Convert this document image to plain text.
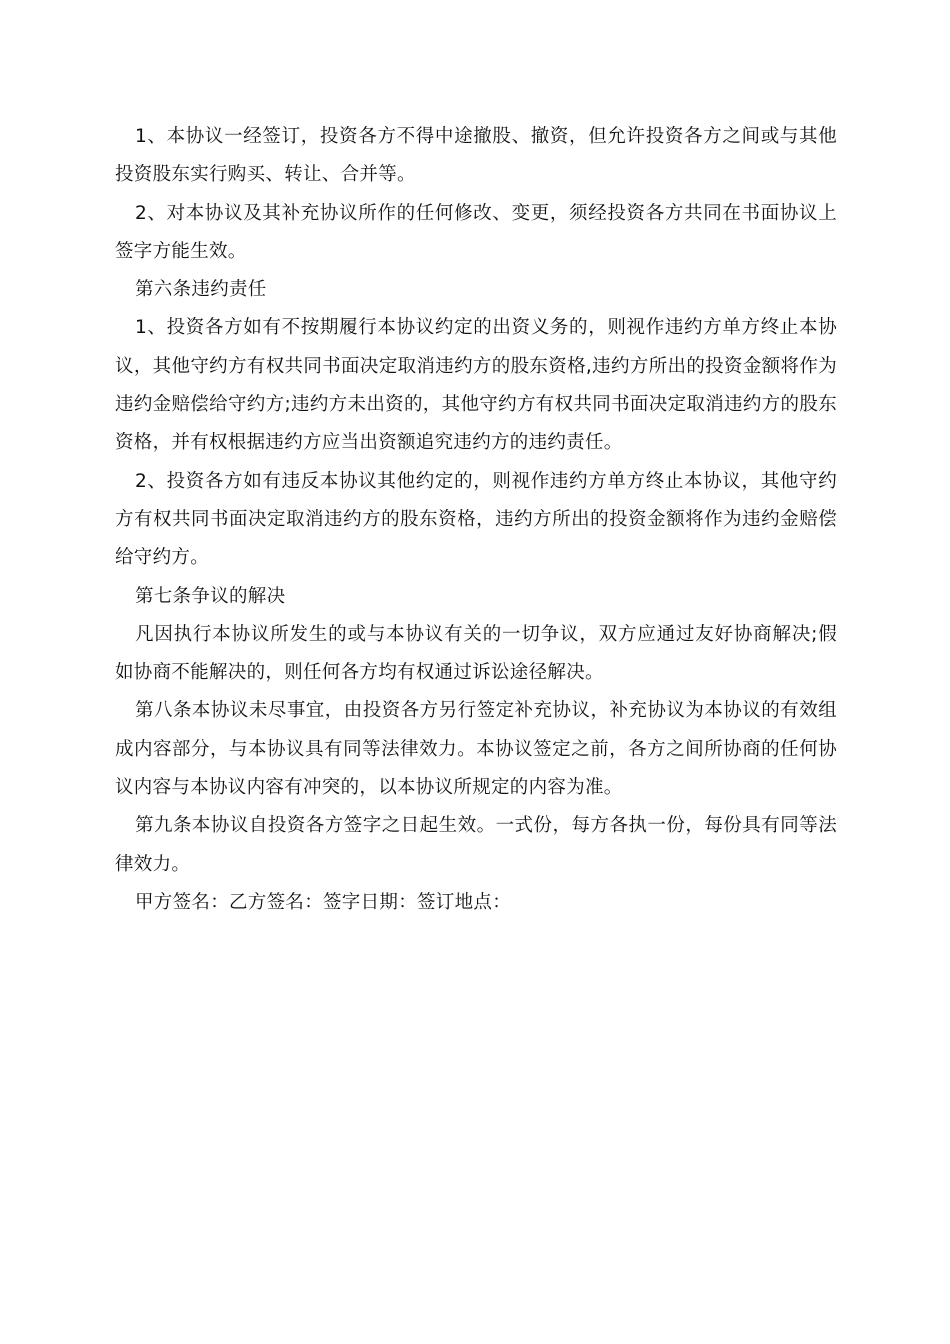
1、本协议一经签订，投资各方不得中途撤股、撤资，但允许投资各方之间或与其他投资股东实行购买、转让、合并等。

2、对本协议及其补充协议所作的任何修改、变更，须经投资各方共同在书面协议上签字方能生效。

第六条违约责任

1、投资各方如有不按期履行本协议约定的出资义务的，则视作违约方单方终止本协议，其他守约方有权共同书面决定取消违约方的股东资格,违约方所出的投资金额将作为违约金赔偿给守约方;违约方未出资的，其他守约方有权共同书面决定取消违约方的股东资格，并有权根据违约方应当出资额追究违约方的违约责任。

2、投资各方如有违反本协议其他约定的，则视作违约方单方终止本协议，其他守约方有权共同书面决定取消违约方的股东资格，违约方所出的投资金额将作为违约金赔偿给守约方。

第七条争议的解决

凡因执行本协议所发生的或与本协议有关的一切争议，双方应通过友好协商解决;假如协商不能解决的，则任何各方均有权通过诉讼途径解决。

第八条本协议未尽事宜，由投资各方另行签定补充协议，补充协议为本协议的有效组成内容部分，与本协议具有同等法律效力。本协议签定之前，各方之间所协商的任何协议内容与本协议内容有冲突的，以本协议所规定的内容为准。

第九条本协议自投资各方签字之日起生效。一式份，每方各执一份，每份具有同等法律效力。

甲方签名：乙方签名：签字日期：签订地点：
